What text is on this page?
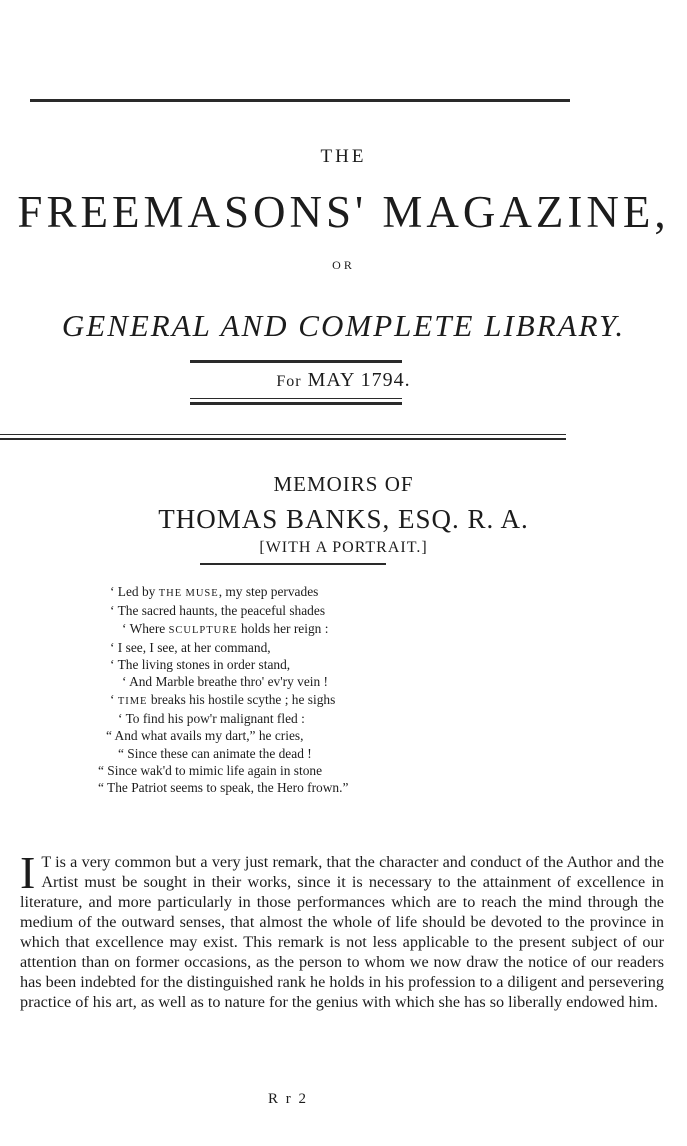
THE
FREEMASONS' MAGAZINE,
OR
GENERAL AND COMPLETE LIBRARY.
For MAY 1794.
MEMOIRS OF
THOMAS BANKS, ESQ. R. A.
[WITH A PORTRAIT.]
‘ Led by THE MUSE, my step pervades
‘ The sacred haunts, the peaceful shades
‘ Where SCULPTURE holds her reign :
‘ I see, I see, at her command,
‘ The living stones in order stand,
‘ And Marble breathe thro' ev'ry vein !
‘ TIME breaks his hostile scythe ; he sighs
‘ To find his pow'r malignant fled :
“ And what avails my dart,” he cries,
“ Since these can animate the dead !
“ Since wak'd to mimic life again in stone
“ The Patriot seems to speak, the Hero frown.”
I T is a very common but a very just remark, that the character and conduct of the Author and the Artist must be sought in their works, since it is necessary to the attainment of excellence in literature, and more particularly in those performances which are to reach the mind through the medium of the outward senses, that almost the whole of life should be devoted to the province in which that excellence may exist. This remark is not less applicable to the present subject of our attention than on former occasions, as the person to whom we now draw the notice of our readers has been indebted for the distinguished rank he holds in his profession to a diligent and persevering practice of his art, as well as to nature for the genius with which she has so liberally endowed him.
R r 2
